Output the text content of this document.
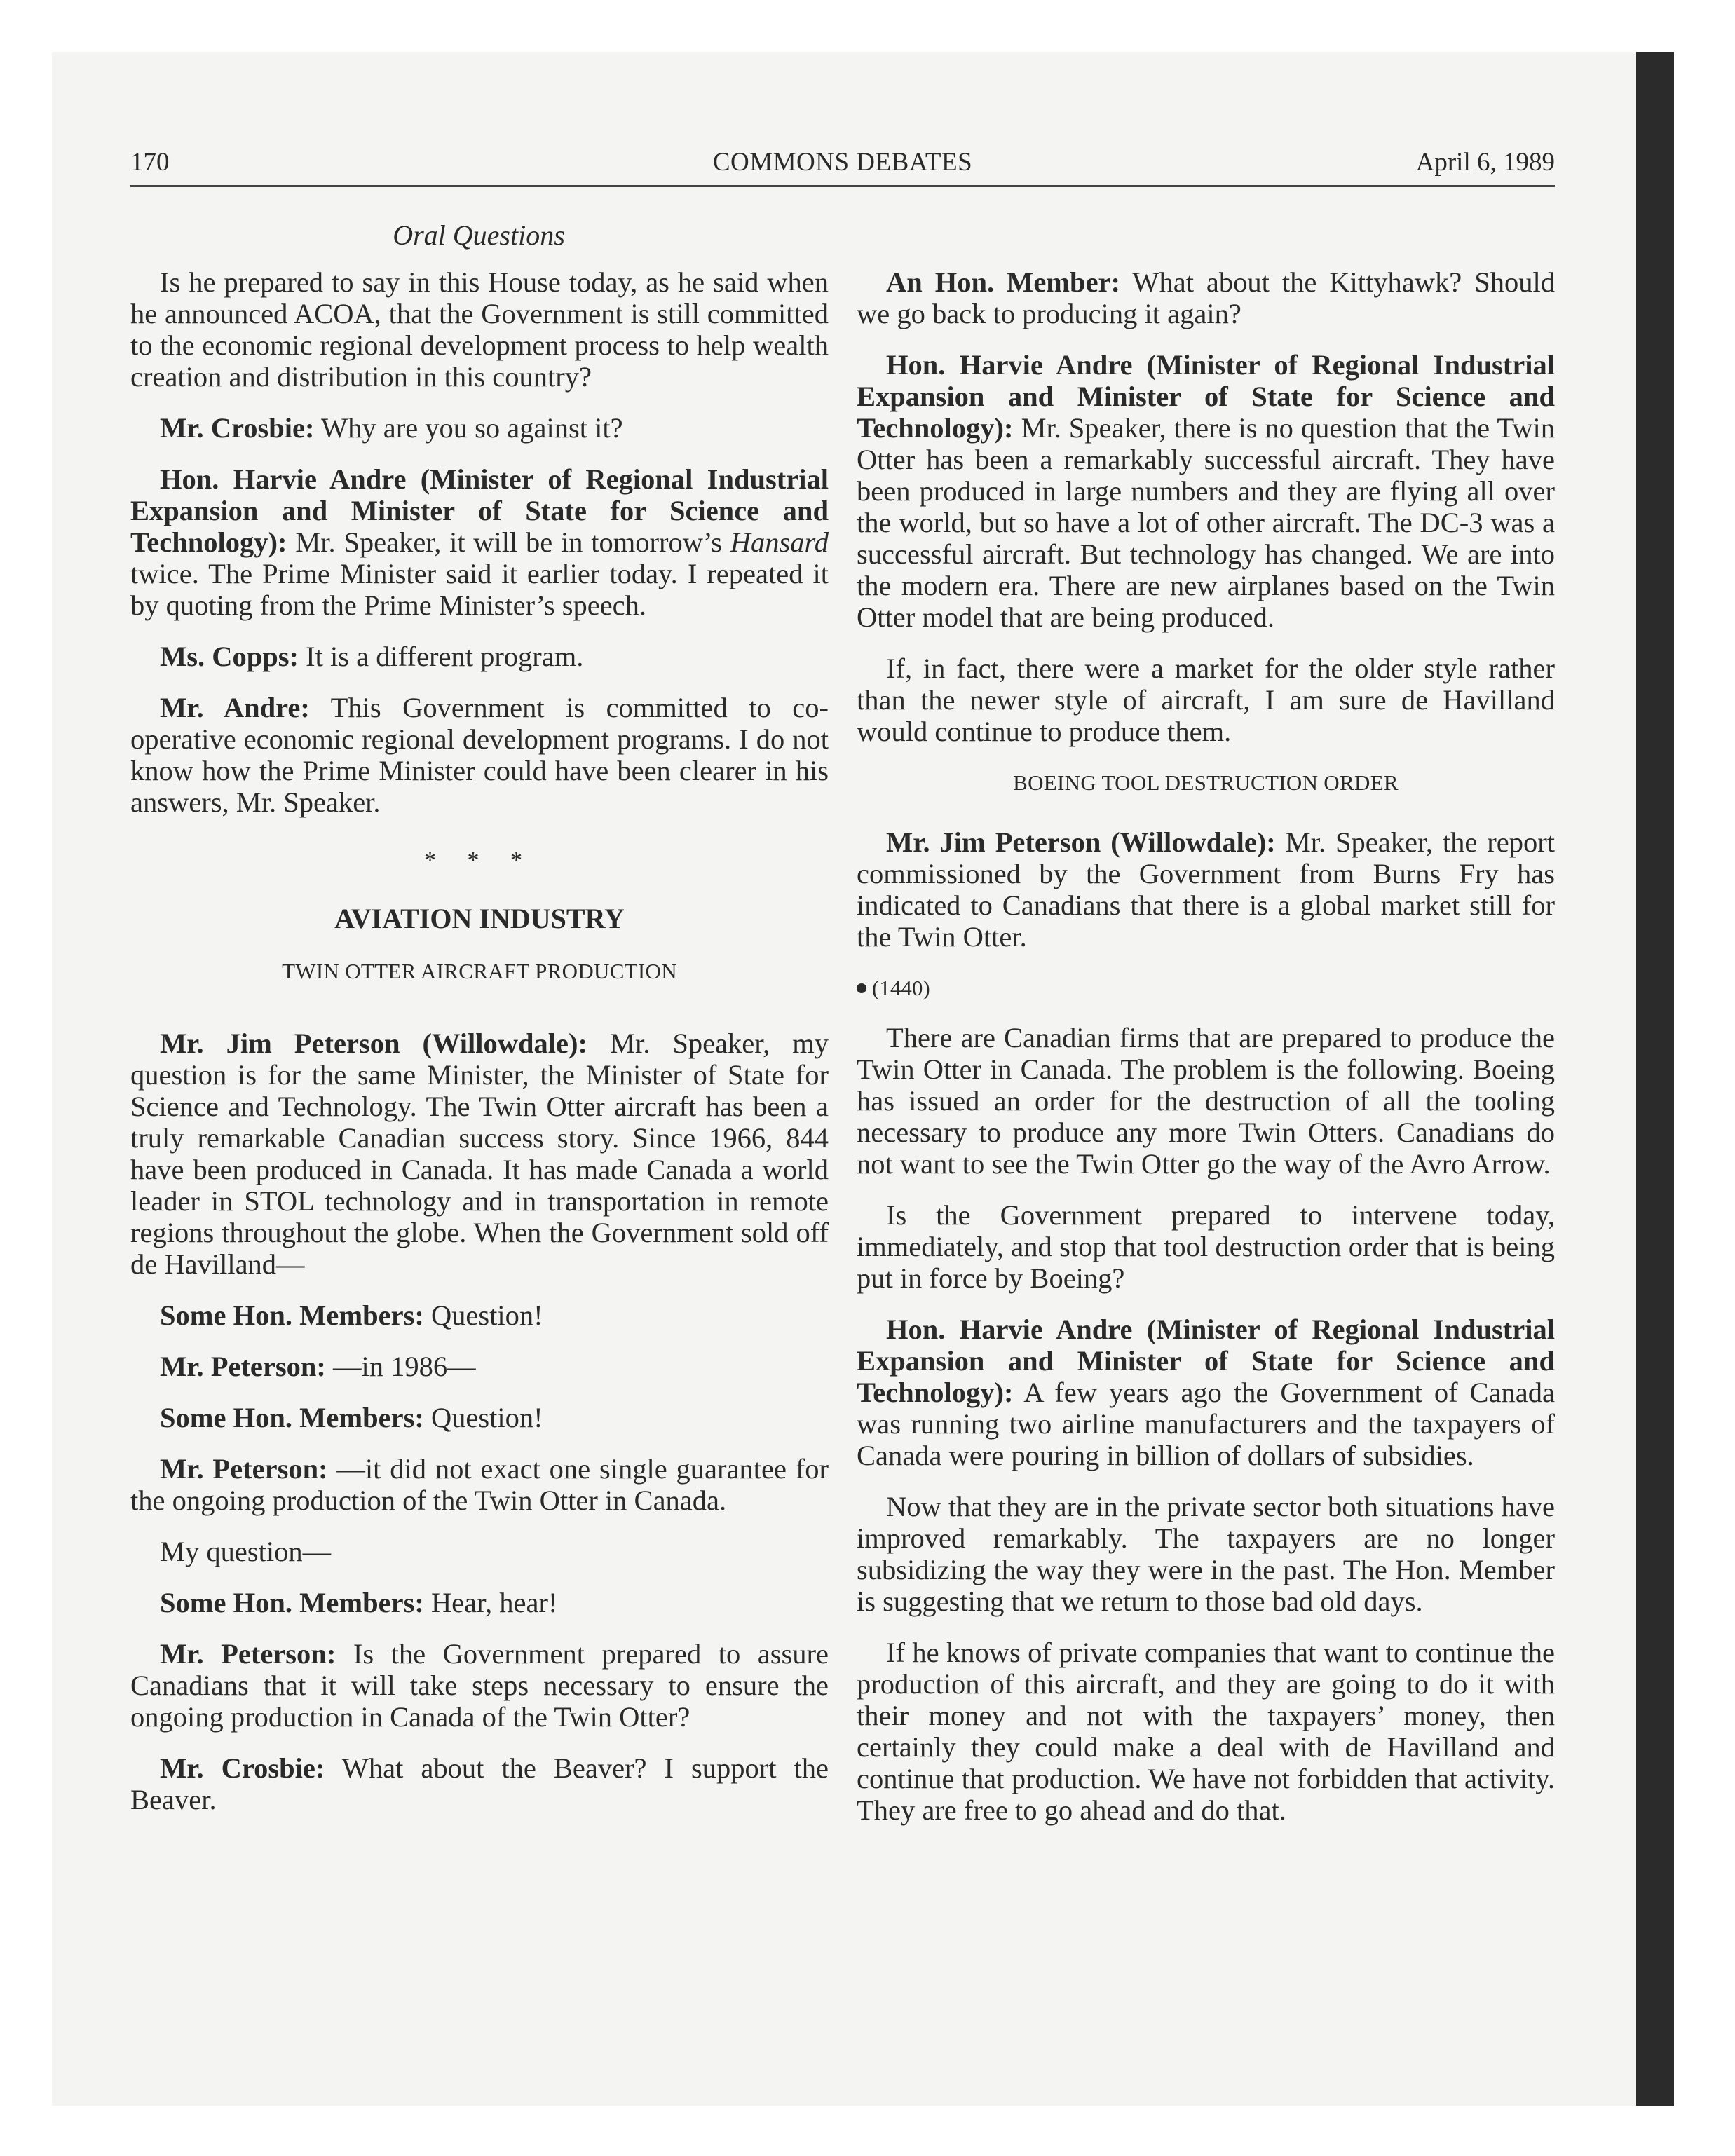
170	COMMONS DEBATES	April 6, 1989
Oral Questions

Is he prepared to say in this House today, as he said when he announced ACOA, that the Government is still committed to the economic regional development process to help wealth creation and distribution in this country?

Mr. Crosbie: Why are you so against it?

Hon. Harvie Andre (Minister of Regional Industrial Expansion and Minister of State for Science and Technology): Mr. Speaker, it will be in tomorrow’s Hansard twice. The Prime Minister said it earlier today. I repeated it by quoting from the Prime Minister’s speech.

Ms. Copps: It is a different program.

Mr. Andre: This Government is committed to co-operative economic regional development programs. I do not know how the Prime Minister could have been clearer in his answers, Mr. Speaker.

* * *
AVIATION INDUSTRY
TWIN OTTER AIRCRAFT PRODUCTION

Mr. Jim Peterson (Willowdale): Mr. Speaker, my question is for the same Minister, the Minister of State for Science and Technology. The Twin Otter aircraft has been a truly remarkable Canadian success story. Since 1966, 844 have been produced in Canada. It has made Canada a world leader in STOL technology and in transportation in remote regions throughout the globe. When the Government sold off de Havilland—

Some Hon. Members: Question!

Mr. Peterson: —in 1986—

Some Hon. Members: Question!

Mr. Peterson: —it did not exact one single guarantee for the ongoing production of the Twin Otter in Canada.

My question—

Some Hon. Members: Hear, hear!

Mr. Peterson: Is the Government prepared to assure Canadians that it will take steps necessary to ensure the ongoing production in Canada of the Twin Otter?

Mr. Crosbie: What about the Beaver? I support the Beaver.

An Hon. Member: What about the Kittyhawk? Should we go back to producing it again?

Hon. Harvie Andre (Minister of Regional Industrial Expansion and Minister of State for Science and Technology): Mr. Speaker, there is no question that the Twin Otter has been a remarkably successful aircraft. They have been produced in large numbers and they are flying all over the world, but so have a lot of other aircraft. The DC-3 was a successful aircraft. But technology has changed. We are into the modern era. There are new airplanes based on the Twin Otter model that are being produced.

If, in fact, there were a market for the older style rather than the newer style of aircraft, I am sure de Havilland would continue to produce them.

BOEING TOOL DESTRUCTION ORDER

Mr. Jim Peterson (Willowdale): Mr. Speaker, the report commissioned by the Government from Burns Fry has indicated to Canadians that there is a global market still for the Twin Otter.

(1440)

There are Canadian firms that are prepared to produce the Twin Otter in Canada. The problem is the following. Boeing has issued an order for the destruction of all the tooling necessary to produce any more Twin Otters. Canadians do not want to see the Twin Otter go the way of the Avro Arrow.

Is the Government prepared to intervene today, immediately, and stop that tool destruction order that is being put in force by Boeing?

Hon. Harvie Andre (Minister of Regional Industrial Expansion and Minister of State for Science and Technology): A few years ago the Government of Canada was running two airline manufacturers and the taxpayers of Canada were pouring in billion of dollars of subsidies.

Now that they are in the private sector both situations have improved remarkably. The taxpayers are no longer subsidizing the way they were in the past. The Hon. Member is suggesting that we return to those bad old days.

If he knows of private companies that want to continue the production of this aircraft, and they are going to do it with their money and not with the taxpayers’ money, then certainly they could make a deal with de Havilland and continue that production. We have not forbidden that activity. They are free to go ahead and do that.
